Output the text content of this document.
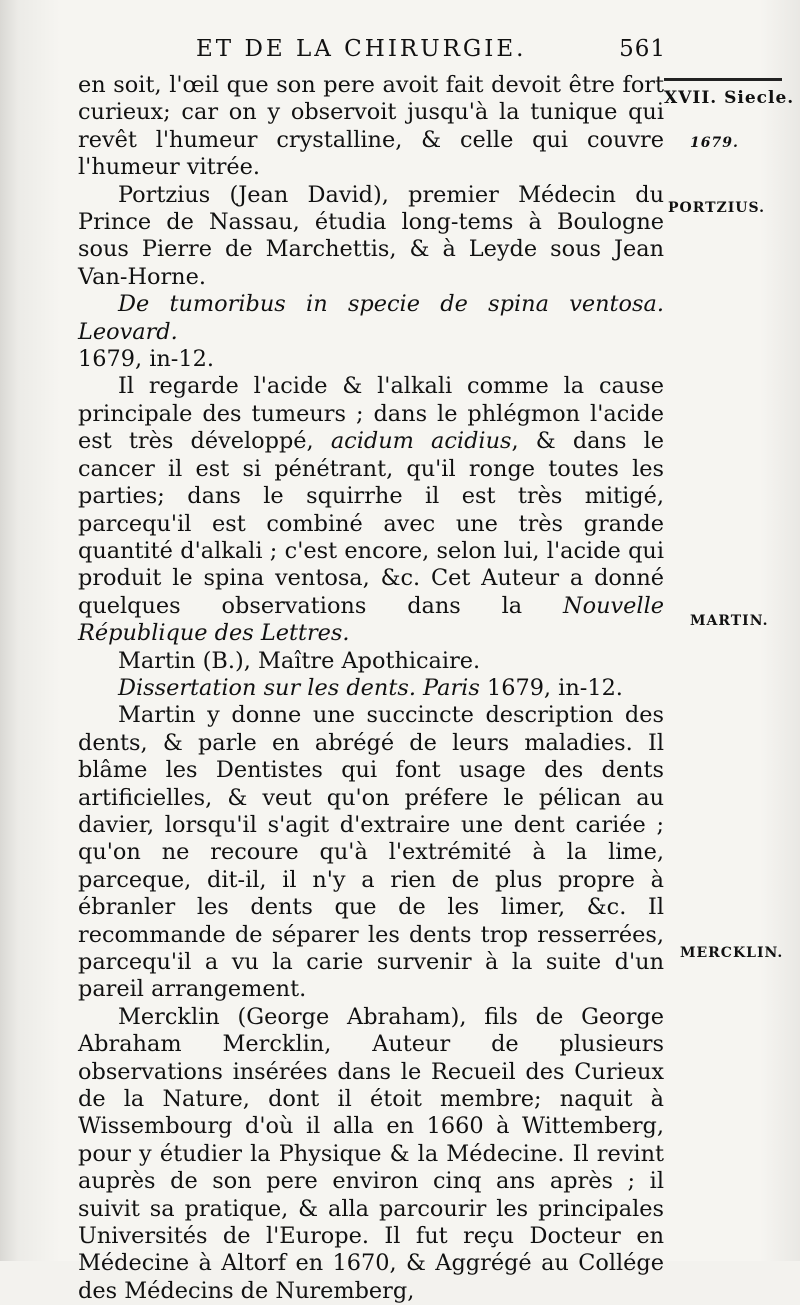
ET DE LA CHIRURGIE.	561
XVII. Siecle.
1679.
PORTZIUS.
MARTIN.
MERCKLIN.

en soit, l'œil que son pere avoit fait devoit être fort curieux; car on y observoit jusqu'à la tunique qui revêt l'humeur crystalline, & celle qui couvre l'humeur vitrée.

Portzius (Jean David), premier Médecin du Prince de Nassau, étudia long-tems à Boulogne sous Pierre de Marchettis, & à Leyde sous Jean Van-Horne.

De tumoribus in specie de spina ventosa. Leovard.
1679, in-12.

Il regarde l'acide & l'alkali comme la cause principale des tumeurs ; dans le phlégmon l'acide est très développé, acidum acidius, & dans le cancer il est si pénétrant, qu'il ronge toutes les parties; dans le squirrhe il est très mitigé, parcequ'il est combiné avec une très grande quantité d'alkali ; c'est encore, selon lui, l'acide qui produit le spina ventosa, &c. Cet Auteur a donné quelques observations dans la Nouvelle République des Lettres.

Martin (B.), Maître Apothicaire.

Dissertation sur les dents. Paris 1679, in-12.

Martin y donne une succincte description des dents, & parle en abrégé de leurs maladies. Il blâme les Dentistes qui font usage des dents artificielles, & veut qu'on préfere le pélican au davier, lorsqu'il s'agit d'extraire une dent cariée ; qu'on ne recoure qu'à l'extrémité à la lime, parceque, dit-il, il n'y a rien de plus propre à ébranler les dents que de les limer, &c. Il recommande de séparer les dents trop resserrées, parcequ'il a vu la carie survenir à la suite d'un pareil arrangement.

Mercklin (George Abraham), fils de George Abraham Mercklin, Auteur de plusieurs observations insérées dans le Recueil des Curieux de la Nature, dont il étoit membre; naquit à Wissembourg d'où il alla en 1660 à Wittemberg, pour y étudier la Physique & la Médecine. Il revint auprès de son pere environ cinq ans après ; il suivit sa pratique, & alla parcourir les principales Universités de l'Europe. Il fut reçu Docteur en Médecine à Altorf en 1670, & Aggrégé au Collége des Médecins de Nuremberg,
